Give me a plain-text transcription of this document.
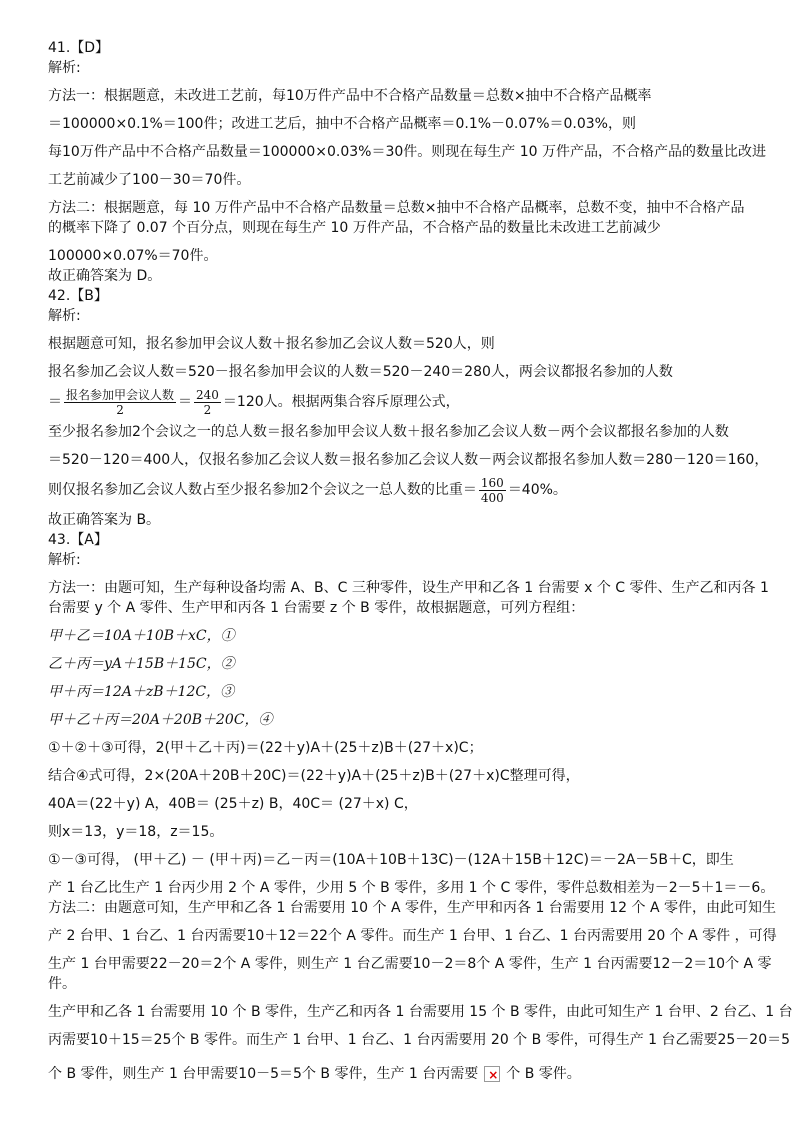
41.【D】

解析:

方法一：根据题意，未改进工艺前，每10万件产品中不合格产品数量＝总数×抽中不合格产品概率

＝100000×0.1%＝100件；改进工艺后，抽中不合格产品概率＝0.1%－0.07%＝0.03%，则

每10万件产品中不合格产品数量＝100000×0.03%＝30件。则现在每生产 10 万件产品，不合格产品的数量比改进

工艺前减少了100－30＝70件。

方法二：根据题意，每 10 万件产品中不合格产品数量＝总数×抽中不合格产品概率，总数不变，抽中不合格产品

的概率下降了 0.07 个百分点，则现在每生产 10 万件产品，不合格产品的数量比未改进工艺前减少

100000×0.07%＝70件。

故正确答案为 D。

42.【B】

解析:

根据题意可知，报名参加甲会议人数＋报名参加乙会议人数＝520人，则

报名参加乙会议人数＝520－报名参加甲会议的人数＝520－240＝280人，两会议都报名参加的人数

＝ $\frac{\text{报名参加甲会议人数}}{2} = \frac{240}{2} =120$人。根据两集合容斥原理公式，

至少报名参加2个会议之一的总人数＝报名参加甲会议人数＋报名参加乙会议人数－两个会议都报名参加的人数

＝520－120＝400人，仅报名参加乙会议人数＝报名参加乙会议人数－两会议都报名参加人数＝280－120＝160，

则仅报名参加乙会议人数占至少报名参加2个会议之一总人数的比重＝ $\frac{160}{400} =40\%$。

故正确答案为 B。

43.【A】

解析:

方法一：由题可知，生产每种设备均需 A、B、C 三种零件，设生产甲和乙各 1 台需要 x 个 C 零件、生产乙和丙各 1

台需要 y 个 A 零件、生产甲和丙各 1 台需要 z 个 B 零件，故根据题意，可列方程组：

甲＋乙＝10A＋10B＋xC，①

乙＋丙＝yA＋15B＋15C，②

甲＋丙＝12A＋zB＋12C，③

甲＋乙＋丙＝20A＋20B＋20C，④

①＋②＋③可得，2(甲＋乙＋丙)＝(22＋y)A＋(25＋z)B＋(27＋x)C；

结合④式可得，2×(20A＋20B＋20C)＝(22＋y)A＋(25＋z)B＋(27＋x)C整理可得，

40A＝(22＋y) A，40B＝ (25＋z) B，40C＝ (27＋x) C，

则x＝13，y＝18，z＝15。

①－③可得， (甲＋乙) － (甲＋丙)＝乙－丙＝(10A＋10B＋13C)－(12A＋15B＋12C)＝－2A－5B＋C，即生

产 1 台乙比生产 1 台丙少用 2 个 A 零件，少用 5 个 B 零件，多用 1 个 C 零件，零件总数相差为－2－5＋1＝－6。

方法二：由题意可知，生产甲和乙各 1 台需要用 10 个 A 零件，生产甲和丙各 1 台需要用 12 个 A 零件，由此可知生

产 2 台甲、1 台乙、1 台丙需要10＋12＝22个 A 零件。而生产 1 台甲、1 台乙、1 台丙需要用 20 个 A 零件 ，可得

生产 1 台甲需要22－20＝2个 A 零件，则生产 1 台乙需要10－2＝8个 A 零件，生产 1 台丙需要12－2＝10个 A 零

件。

生产甲和乙各 1 台需要用 10 个 B 零件，生产乙和丙各 1 台需要用 15 个 B 零件，由此可知生产 1 台甲、2 台乙、1 台

丙需要10＋15＝25个 B 零件。而生产 1 台甲、1 台乙、1 台丙需要用 20 个 B 零件，可得生产 1 台乙需要25－20＝5

个 B 零件，则生产 1 台甲需要10－5＝5个 B 零件，生产 1 台丙需要× 个 B 零件。
